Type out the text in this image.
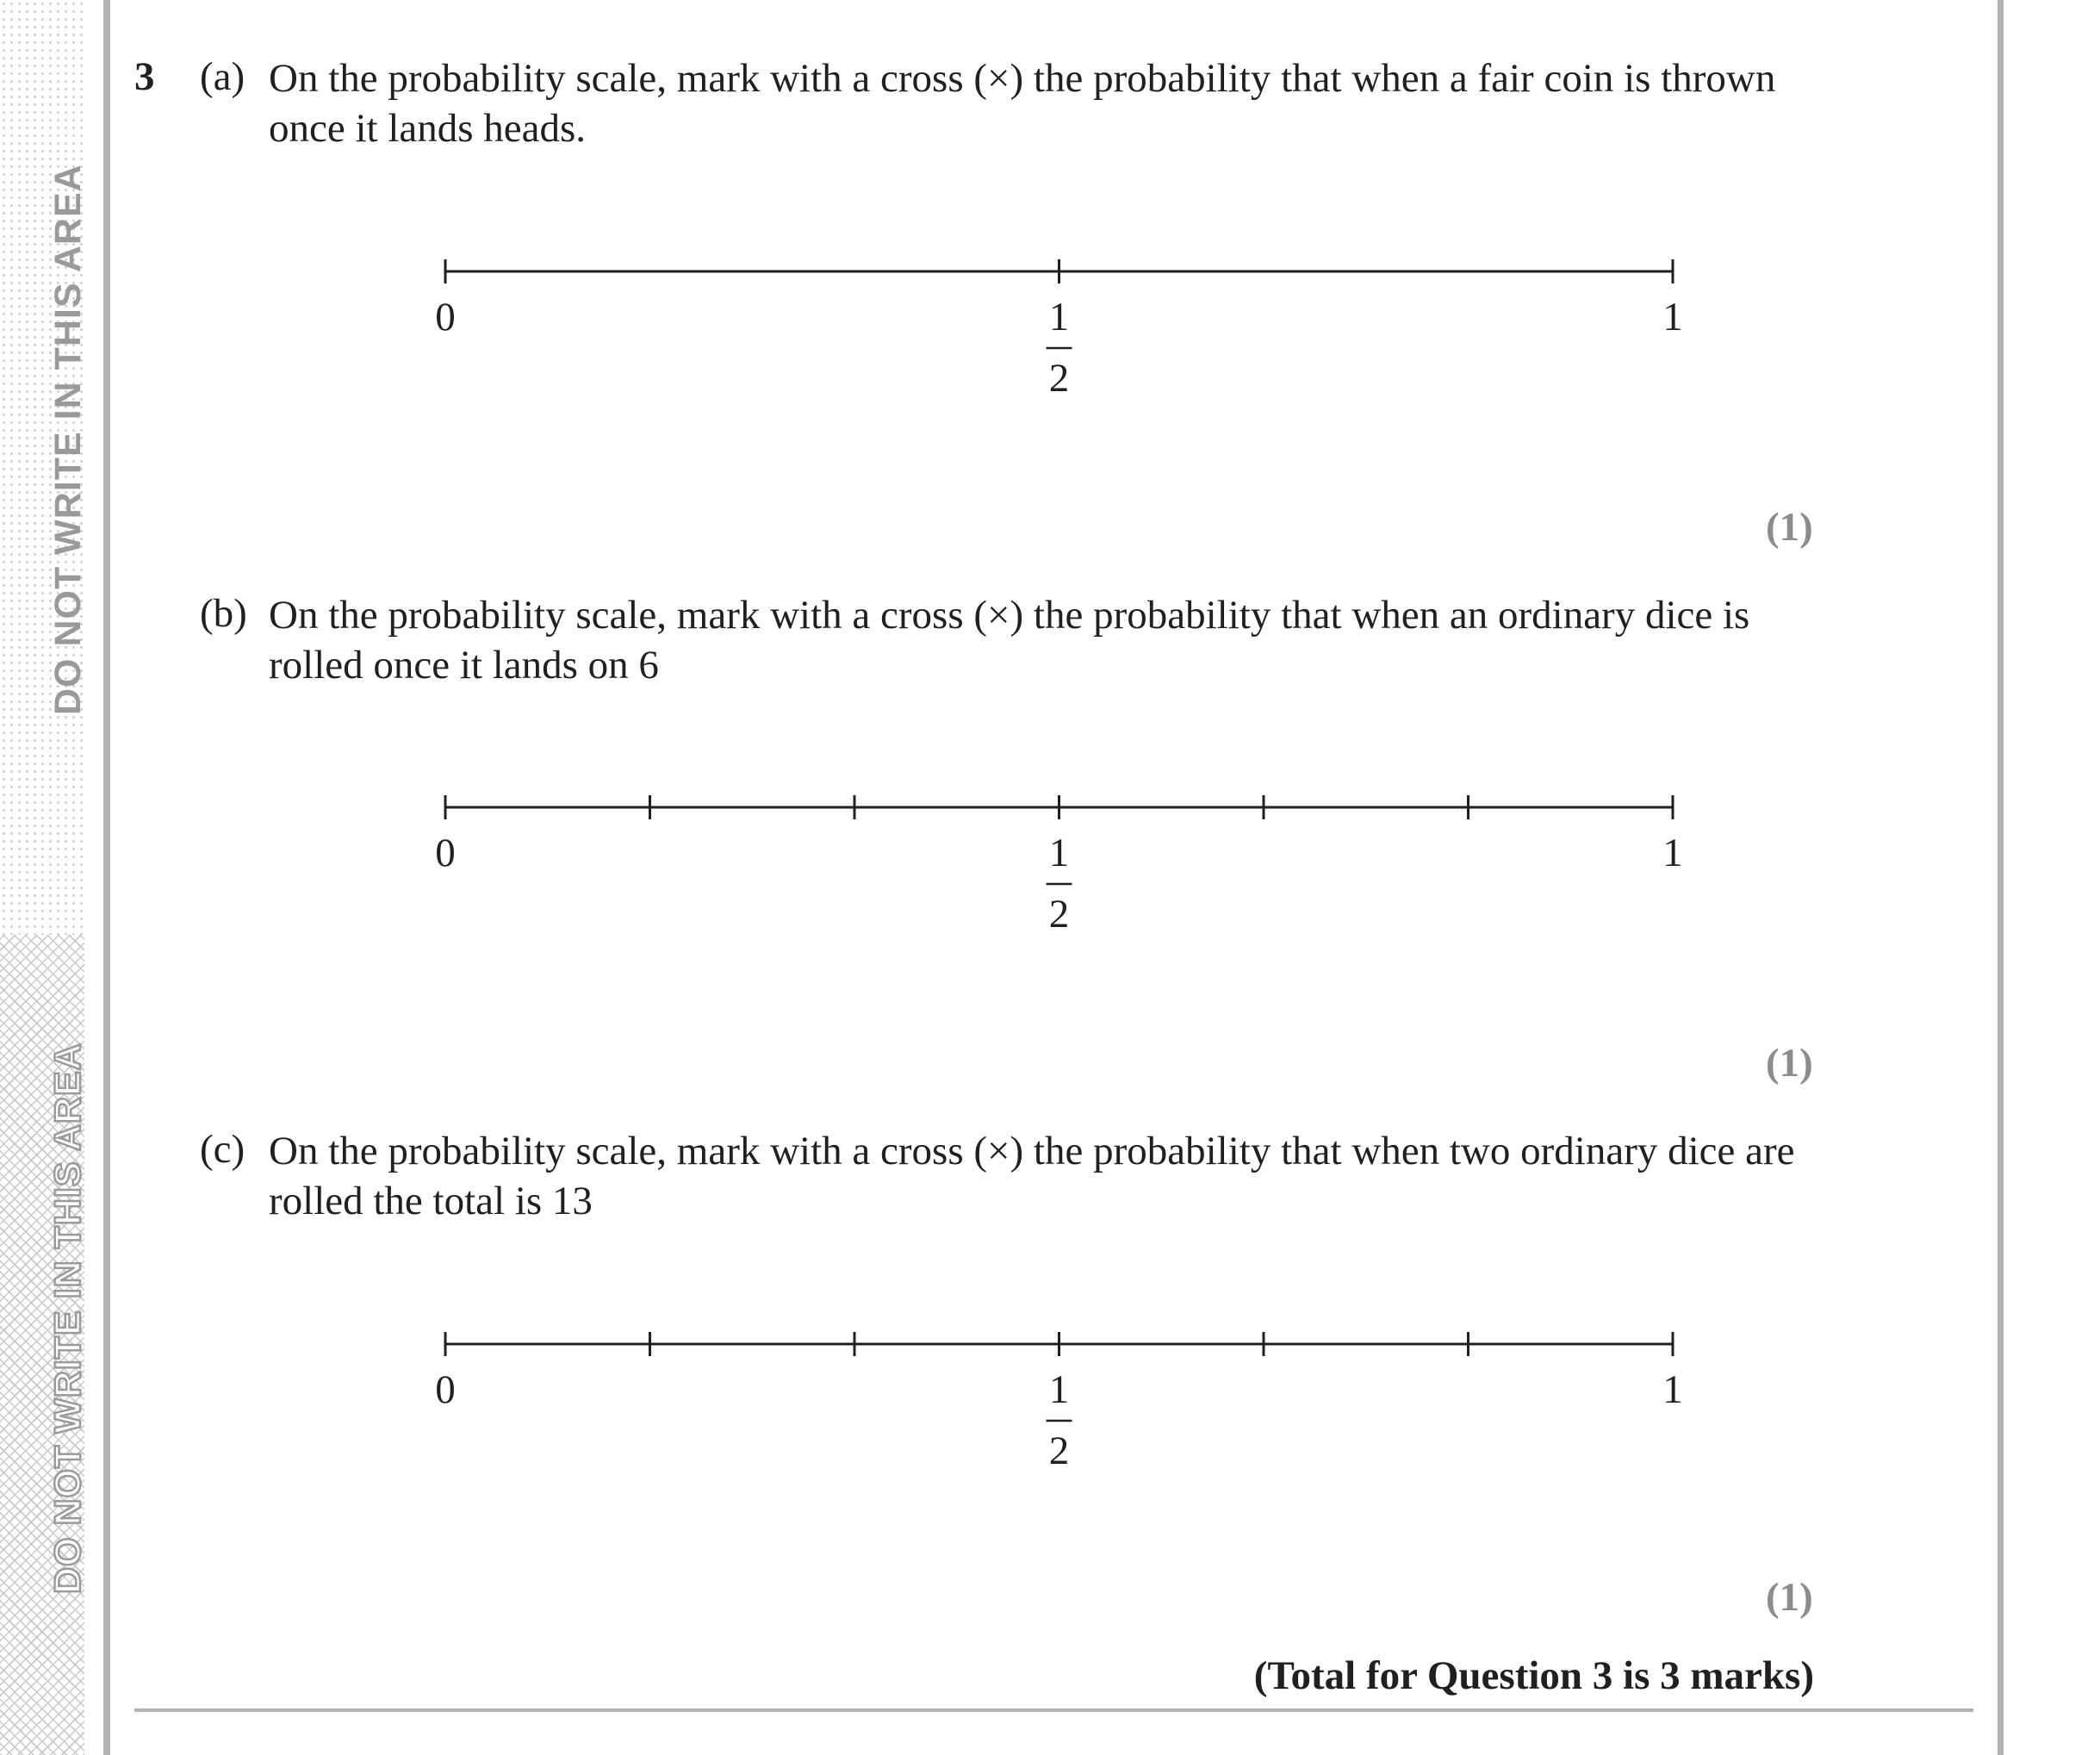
DO NOT WRITE IN THIS AREA
DO NOT WRITE IN THIS AREA
3 (a) On the probability scale, mark with a cross (×) the probability that when a fair coin is thrown once it lands heads.
0	1
1
2
(1)
(b) On the probability scale, mark with a cross (×) the probability that when an ordinary dice is rolled once it lands on 6
0	1
1
2
(1)
(c) On the probability scale, mark with a cross (×) the probability that when two ordinary dice are rolled the total is 13
0	1
1
2
(1)
(Total for Question 3 is 3 marks)
